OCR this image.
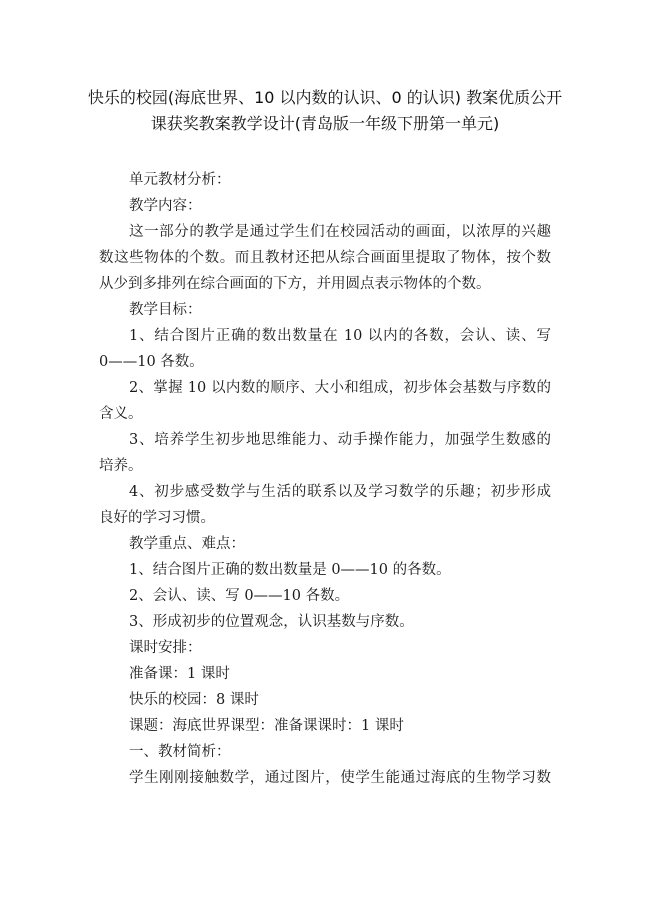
快乐的校园(海底世界、10 以内数的认识、0 的认识) 教案优质公开
课获奖教案教学设计(青岛版一年级下册第一单元)
单元教材分析：
教学内容：
这一部分的教学是通过学生们在校园活动的画面，以浓厚的兴趣
数这些物体的个数。而且教材还把从综合画面里提取了物体，按个数
从少到多排列在综合画面的下方，并用圆点表示物体的个数。
教学目标：
1、结合图片正确的数出数量在 10 以内的各数，会认、读、写
0——10 各数。
2、掌握 10 以内数的顺序、大小和组成，初步体会基数与序数的
含义。
3、培养学生初步地思维能力、动手操作能力，加强学生数感的
培养。
4、初步感受数学与生活的联系以及学习数学的乐趣；初步形成
良好的学习习惯。
教学重点、难点：
1、结合图片正确的数出数量是 0——10 的各数。
2、会认、读、写 0——10 各数。
3、形成初步的位置观念，认识基数与序数。
课时安排：
准备课：1 课时
快乐的校园：8 课时
课题：海底世界课型：准备课课时：1 课时
一、教材简析：
学生刚刚接触数学，通过图片，使学生能通过海底的生物学习数
